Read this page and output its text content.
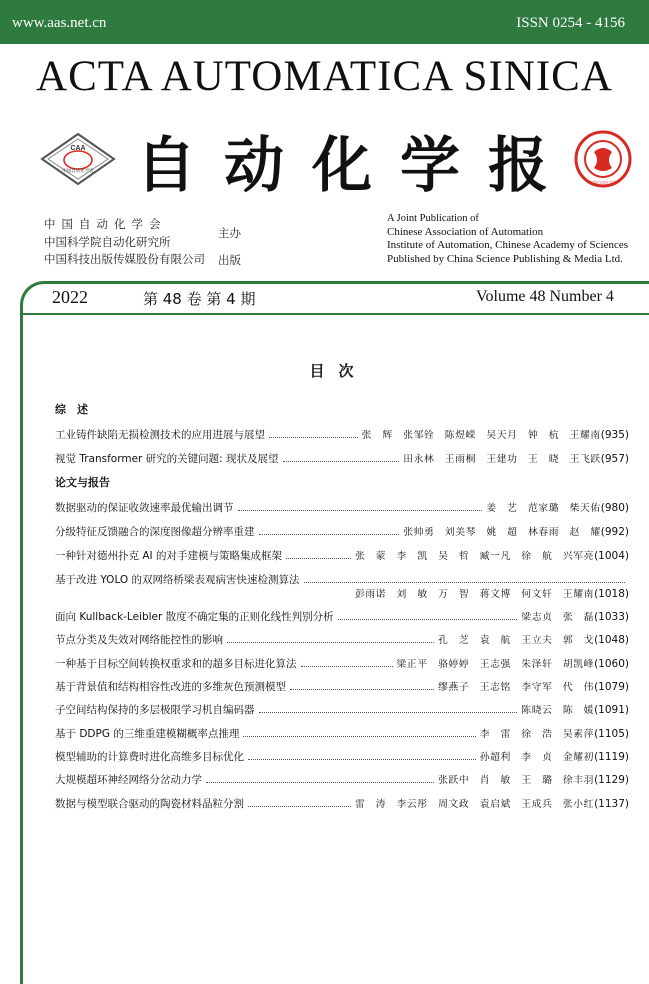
www.aas.net.cn	ISSN 0254 - 4156
ACTA AUTOMATICA SINICA
CAA
中国自动化学会 自动化学报	中国自动化学会
中国自动化学会
中国科学院自动化研究所
中国科技出版传媒股份有限公司
主办
出版
A Joint Publication of
Chinese Association of Automation
Institute of Automation, Chinese Academy of Sciences
Published by China Science Publishing & Media Ltd.
2022	第 48 卷 第 4 期	Volume 48 Number 4
目次
综　述
工业铸件缺陷无损检测技术的应用进展与展望	张　辉　张邹铨　陈煜嵘　吴天月　钟　杭　王耀南 (935)
视觉 Transformer 研究的关键问题: 现状及展望	田永林　王雨桐　王建功　王　晓　王飞跃 (957)
论文与报告
数据驱动的保证收敛速率最优输出调节	姜　艺　范家璐　柴天佑 (980)
分级特征反馈融合的深度图像超分辨率重建	张帅勇　刘美琴　姚　超　林春雨　赵　耀 (992)
一种针对德州扑克 AI 的对手建模与策略集成框架	张　蒙　李　凯　吴　哲　臧一凡　徐　航　兴军亮 (1004)
基于改进 YOLO 的双网络桥梁表观病害快速检测算法
彭雨诺　刘　敏　万　智　蒋文博　何文轩　王耀南 (1018)
面向 Kullback-Leibler 散度不确定集的正则化线性判别分析	梁志贞　张　磊 (1033)
节点分类及失效对网络能控性的影响	孔　芝　袁　航　王立夫　郭　戈 (1048)
一种基于目标空间转换权重求和的超多目标进化算法	梁正平　骆婷婷　王志强　朱泽轩　胡凯峰 (1060)
基于背景值和结构相容性改进的多维灰色预测模型	缪燕子　王志铭　李守军　代　伟 (1079)
子空间结构保持的多层极限学习机自编码器	陈晓云　陈　媛 (1091)
基于 DDPG 的三维重建模糊概率点推理	李　雷　徐　浩　吴素萍 (1105)
模型辅助的计算费时进化高维多目标优化	孙超利　李　贞　金耀初 (1119)
大规模超环神经网络分岔动力学	张跃中　肖　敏　王　璐　徐丰羽 (1129)
数据与模型联合驱动的陶瓷材料晶粒分割	雷　涛　李云彤　周文政　袁启斌　王成兵　张小红 (1137)
